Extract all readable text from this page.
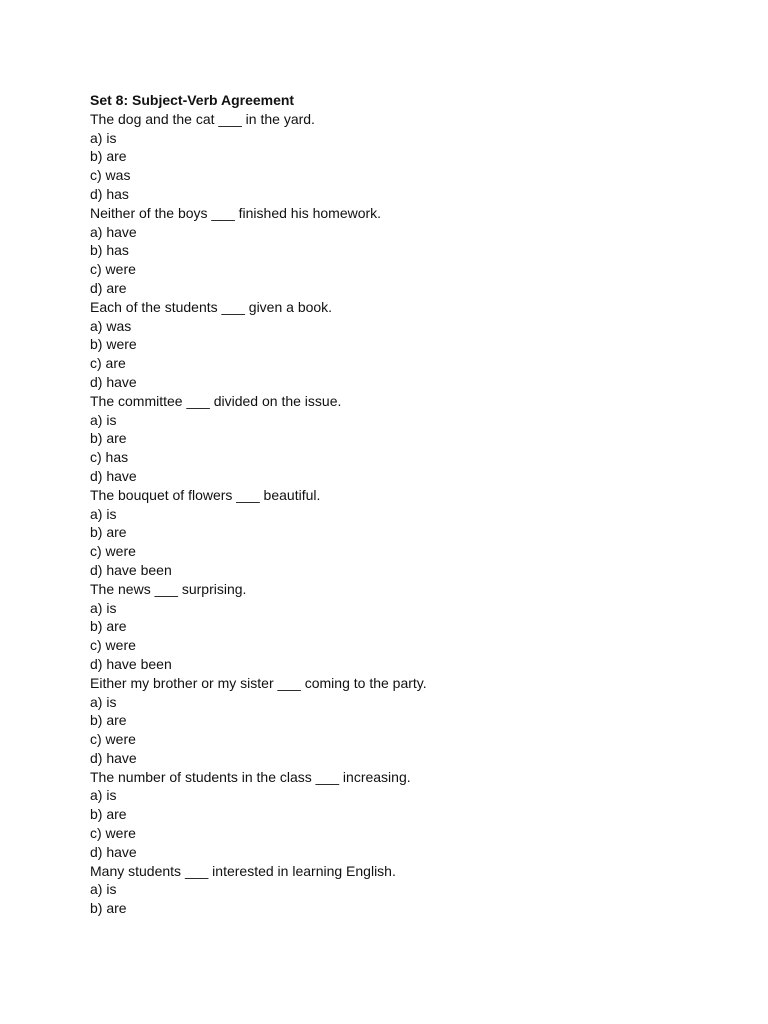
Set 8: Subject-Verb Agreement
The dog and the cat ___ in the yard.
a) is
b) are
c) was
d) has
Neither of the boys ___ finished his homework.
a) have
b) has
c) were
d) are
Each of the students ___ given a book.
a) was
b) were
c) are
d) have
The committee ___ divided on the issue.
a) is
b) are
c) has
d) have
The bouquet of flowers ___ beautiful.
a) is
b) are
c) were
d) have been
The news ___ surprising.
a) is
b) are
c) were
d) have been
Either my brother or my sister ___ coming to the party.
a) is
b) are
c) were
d) have
The number of students in the class ___ increasing.
a) is
b) are
c) were
d) have
Many students ___ interested in learning English.
a) is
b) are
